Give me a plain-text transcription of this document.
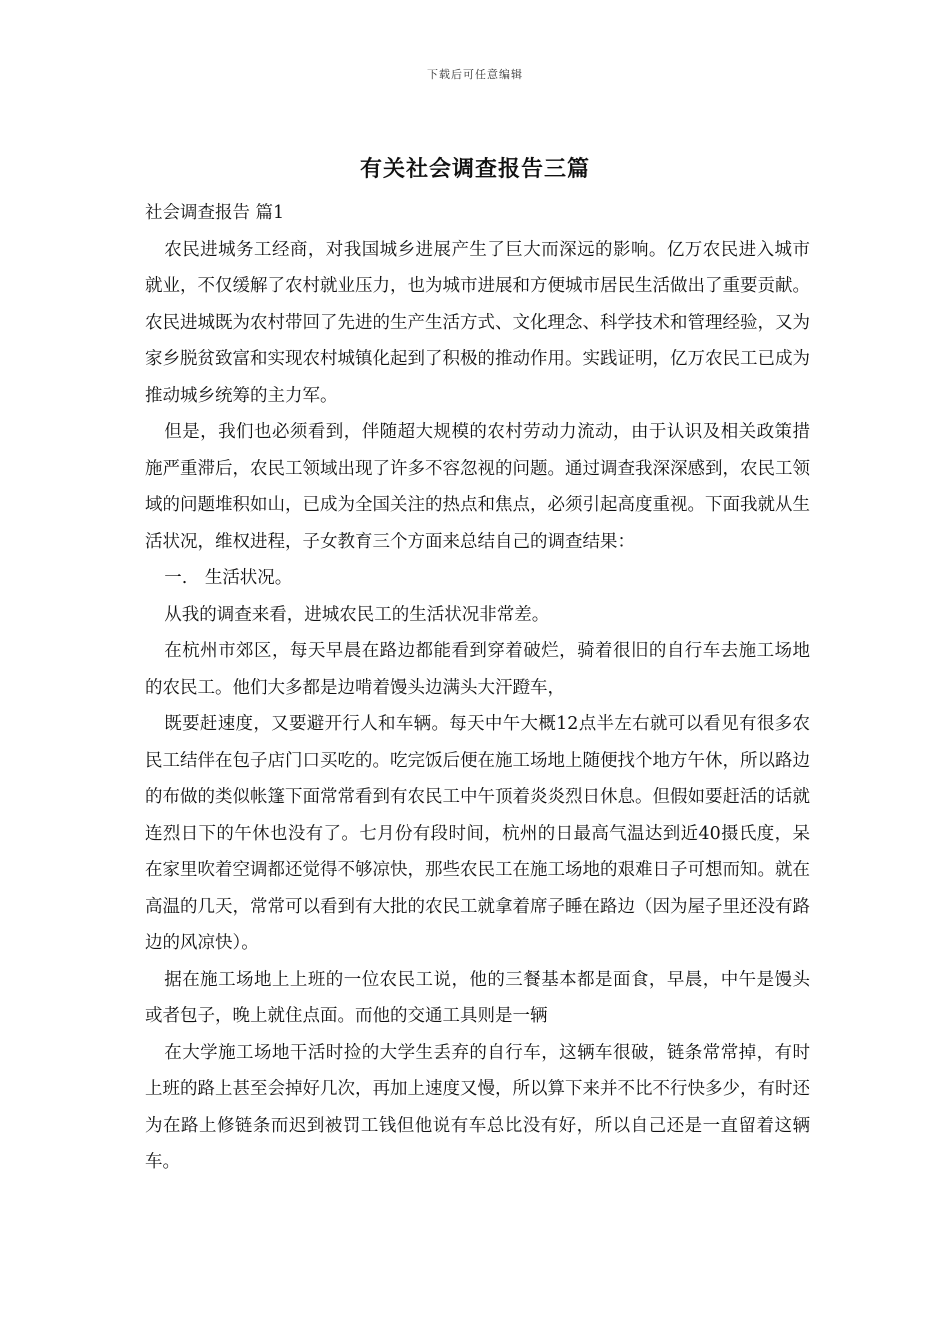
下载后可任意编辑
有关社会调查报告三篇

社会调查报告 篇1

农民进城务工经商，对我国城乡进展产生了巨大而深远的影响。亿万农民进入城市就业，不仅缓解了农村就业压力，也为城市进展和方便城市居民生活做出了重要贡献。农民进城既为农村带回了先进的生产生活方式、文化理念、科学技术和管理经验，又为家乡脱贫致富和实现农村城镇化起到了积极的推动作用。实践证明，亿万农民工已成为推动城乡统筹的主力军。

但是，我们也必须看到，伴随超大规模的农村劳动力流动，由于认识及相关政策措施严重滞后，农民工领域出现了许多不容忽视的问题。通过调查我深深感到，农民工领域的问题堆积如山，已成为全国关注的热点和焦点，必须引起高度重视。下面我就从生活状况，维权进程，子女教育三个方面来总结自己的调查结果：

一.　生活状况。

从我的调查来看，进城农民工的生活状况非常差。

在杭州市郊区，每天早晨在路边都能看到穿着破烂，骑着很旧的自行车去施工场地的农民工。他们大多都是边啃着馒头边满头大汗蹬车，

既要赶速度，又要避开行人和车辆。每天中午大概12点半左右就可以看见有很多农民工结伴在包子店门口买吃的。吃完饭后便在施工场地上随便找个地方午休，所以路边的布做的类似帐篷下面常常看到有农民工中午顶着炎炎烈日休息。但假如要赶活的话就连烈日下的午休也没有了。七月份有段时间，杭州的日最高气温达到近40摄氏度，呆在家里吹着空调都还觉得不够凉快，那些农民工在施工场地的艰难日子可想而知。就在高温的几天，常常可以看到有大批的农民工就拿着席子睡在路边（因为屋子里还没有路边的风凉快）。

据在施工场地上上班的一位农民工说，他的三餐基本都是面食，早晨，中午是馒头或者包子，晚上就住点面。而他的交通工具则是一辆

在大学施工场地干活时捡的大学生丢弃的自行车，这辆车很破，链条常常掉，有时上班的路上甚至会掉好几次，再加上速度又慢，所以算下来并不比不行快多少，有时还为在路上修链条而迟到被罚工钱但他说有车总比没有好，所以自己还是一直留着这辆车。
